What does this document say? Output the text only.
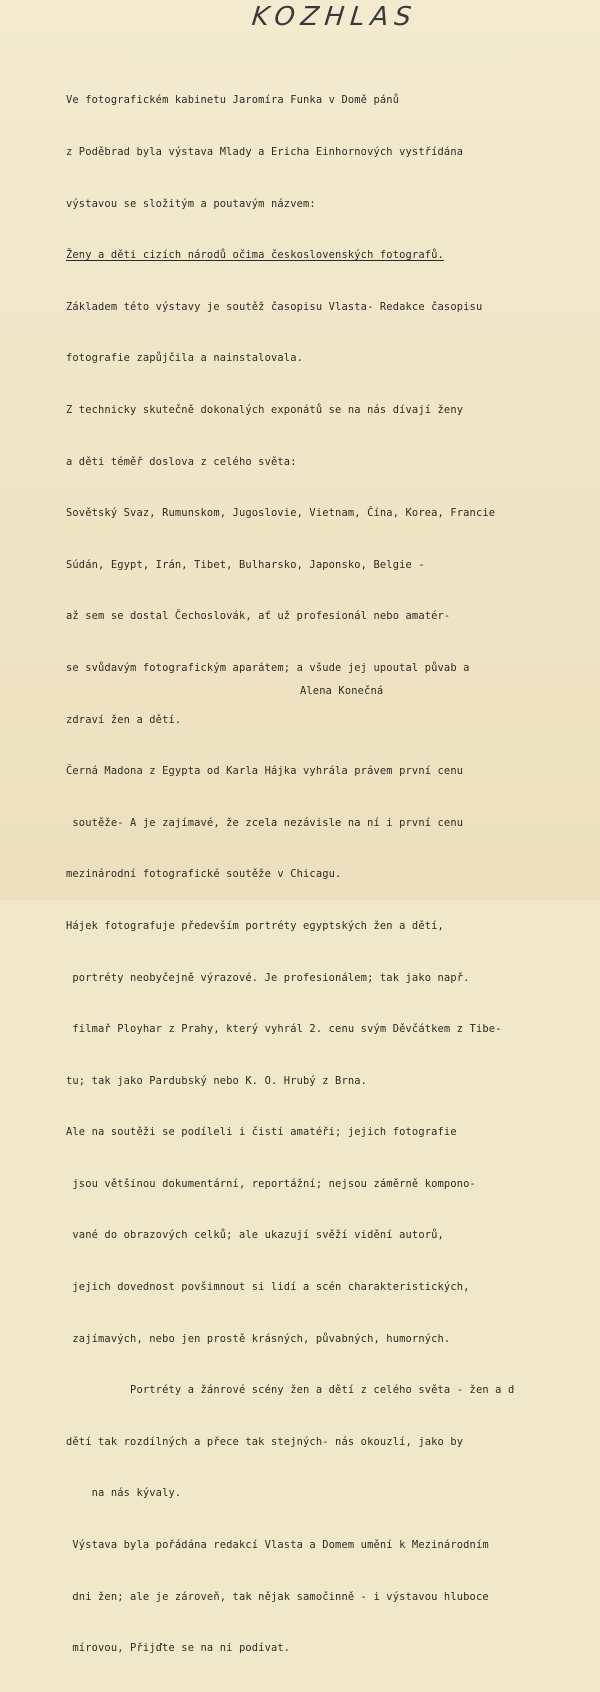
KOZHLAS

Ve fotografickém kabinetu Jaromíra Funka v Domě pánů

z Poděbrad byla výstava Mlady a Ericha Einhornových vystřídána

výstavou se složitým a poutavým názvem:

Ženy a děti cizích národů očima československých fotografů.

Základem této výstavy je soutěž časopisu Vlasta- Redakce časopisu

fotografie zapůjčila a nainstalovala.

Z technicky skutečně dokonalých exponátů se na nás dívají ženy

a děti téměř doslova z celého světa:

Sovětský Svaz, Rumunskom, Jugoslovie, Vietnam, Čína, Korea, Francie

Súdán, Egypt, Irán, Tibet, Bulharsko, Japonsko, Belgie -

až sem se dostal Čechoslovák, ať už profesionál nebo amatér-

se svůdavým fotografickým aparátem; a všude jej upoutal půvab a

zdraví žen a dětí.

Černá Madona z Egypta od Karla Hájka vyhrála právem první cenu

soutěže- A je zajímavé, že zcela nezávisle na ní i první cenu

mezinárodní fotografické soutěže v Chicagu.

Hájek fotografuje především portréty egyptských žen a dětí,

portréty neobyčejně výrazové. Je profesionálem; tak jako např.

filmař Ployhar z Prahy, který vyhrál 2. cenu svým Děvčátkem z Tibe-

tu; tak jako Pardubský nebo K. O. Hrubý z Brna.

Ale na soutěži se podíleli i čistí amatéři; jejich fotografie

jsou většinou dokumentární, reportážní; nejsou záměrně kompono-

vané do obrazových celků; ale ukazují svěží vidění autorů,

jejich dovednost povšimnout si lidí a scén charakteristických,

zajímavých, nebo jen prostě krásných, půvabných, humorných.

Portréty a žánrové scény žen a dětí z celého světa - žen a d

dětí tak rozdílných a přece tak stejných- nás okouzlí, jako by

na nás kývaly.

Výstava byla pořádána redakcí Vlasta a Domem umění k Mezinárodním

dni žen; ale je zároveň, tak nějak samočinně - i výstavou hluboce

mírovou, Přijďte se na ni podívat.

Alena Konečná
